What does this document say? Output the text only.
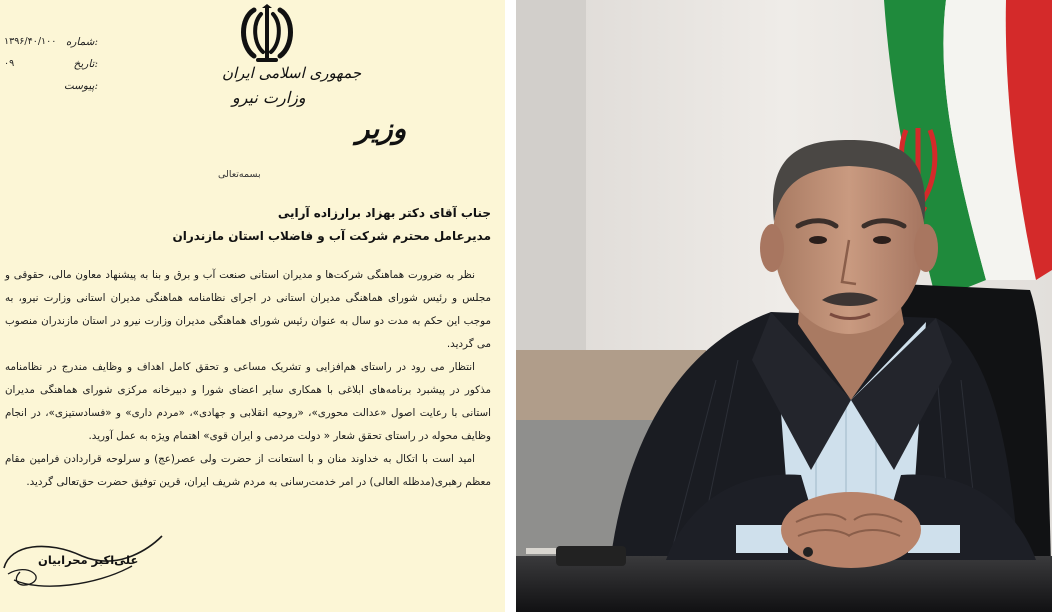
۱۳۹۶/۴۰/۱۰۰ شماره:
۰۹	تاریخ:
پیوست:
جمهوری اسلامی ایران
وزارت نیرو
وزیر
بسمه‌تعالی
جناب آقای دکتر بهزاد برارزاده آرایی
مدیرعامل محترم شرکت آب و فاضلاب استان مازندران

نظر به ضرورت هماهنگی شرکت‌ها و مدیران استانی صنعت آب و برق و بنا به پیشنهاد معاون مالی، حقوقی و مجلس و رئیس شورای هماهنگی مدیران استانی در اجرای نظامنامه هماهنگی مدیران استانی وزارت نیرو، به موجب این حکم به مدت دو سال به عنوان رئیس شورای هماهنگی مدیران وزارت نیرو در استان مازندران منصوب می گردید.

انتظار می رود در راستای هم‌افزایی و تشریک مساعی و تحقق کامل اهداف و وظایف مندرج در نظامنامه مذکور در پیشبرد برنامه‌های ابلاغی با همکاری سایر اعضای شورا و دبیرخانه مرکزی شورای هماهنگی مدیران استانی با رعایت اصول «عدالت محوری»، «روحیه انقلابی و جهادی»، «مردم داری» و «فسادستیزی»، در انجام وظایف محوله در راستای تحقق شعار « دولت مردمی و ایران قوی» اهتمام ویژه به عمل آورید.

امید است با اتکال به خداوند منان و با استعانت از حضرت ولی عصر(عج) و سرلوحه قراردادن فرامین مقام معظم رهبری(مدظله العالی) در امر خدمت‌رسانی به مردم شریف ایران، قرین توفیق حضرت حق‌تعالی گردید.

علی‌اکبر محرابیان
